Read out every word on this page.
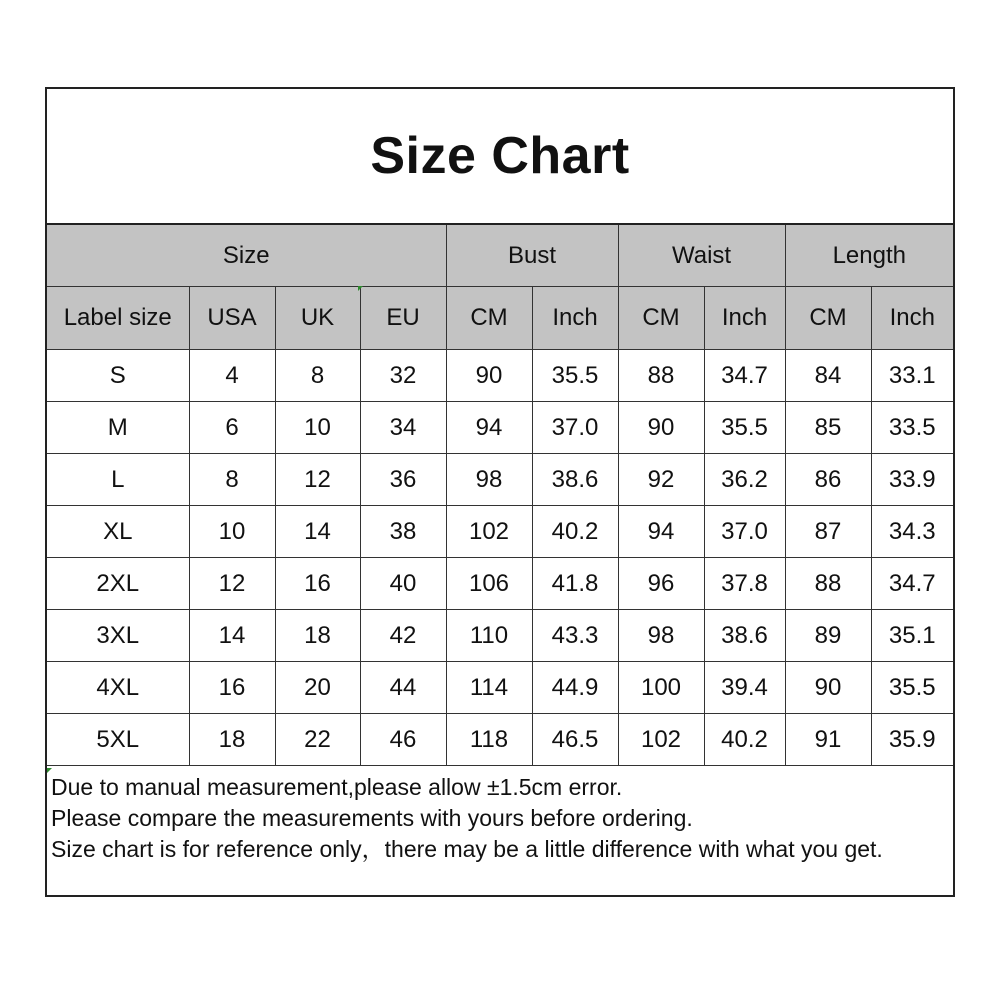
Size Chart
Size				Bust		Waist		Length	
Label size	USA	UK	EU	CM	Inch	CM	Inch	CM	Inch
S	4	8	32	90	35.5	88	34.7	84	33.1
M	6	10	34	94	37.0	90	35.5	85	33.5
L	8	12	36	98	38.6	92	36.2	86	33.9
XL	10	14	38	102	40.2	94	37.0	87	34.3
2XL	12	16	40	106	41.8	96	37.8	88	34.7
3XL	14	18	42	110	43.3	98	38.6	89	35.1
4XL	16	20	44	114	44.9	100	39.4	90	35.5
5XL	18	22	46	118	46.5	102	40.2	91	35.9

Due to manual measurement,please allow ±1.5cm error.

Please compare the measurements with yours before ordering.

Size chart is for reference only，there may be a little difference with what you get.
